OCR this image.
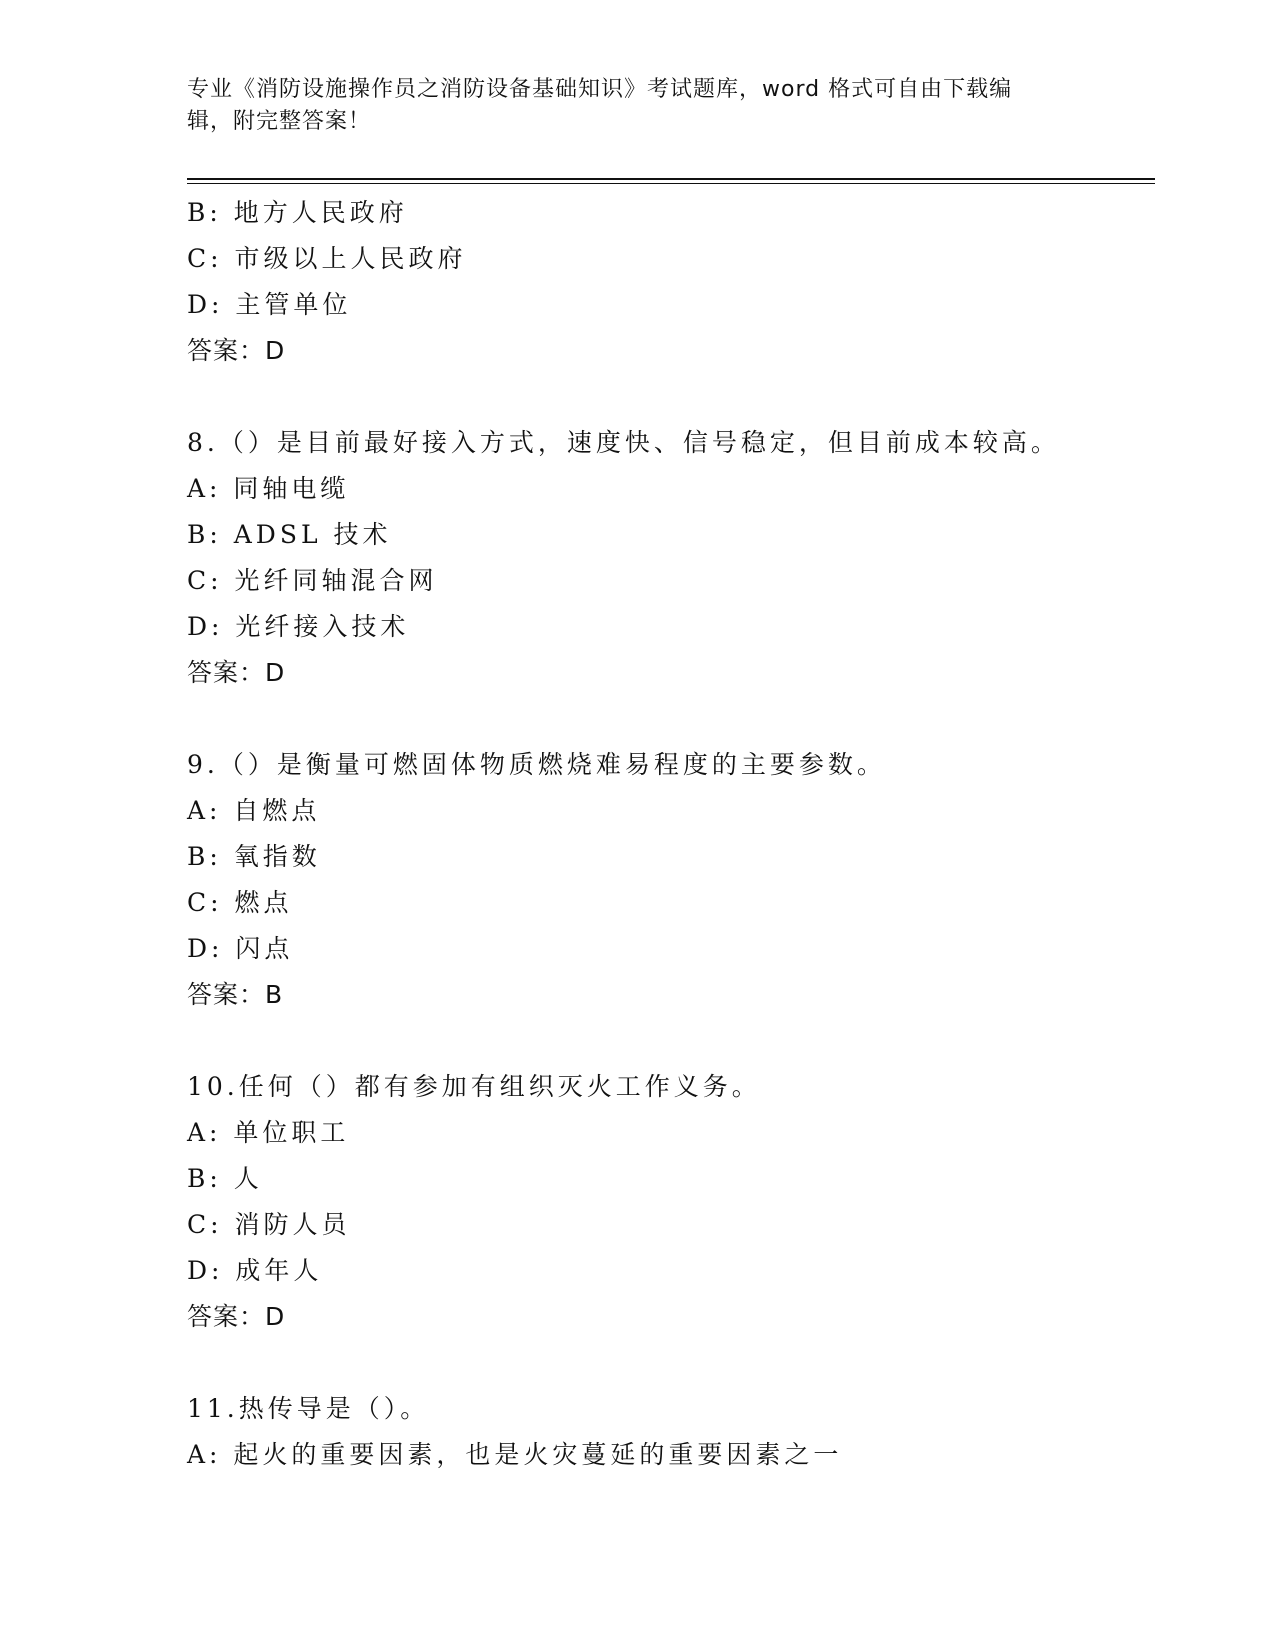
专业《消防设施操作员之消防设备基础知识》考试题库，word 格式可自由下载编
辑，附完整答案！
B: 地方人民政府
C: 市级以上人民政府
D: 主管单位
答案：D
8.（）是目前最好接入方式，速度快、信号稳定，但目前成本较高。
A: 同轴电缆
B: ADSL 技术
C: 光纤同轴混合网
D: 光纤接入技术
答案：D
9.（）是衡量可燃固体物质燃烧难易程度的主要参数。
A: 自燃点
B: 氧指数
C: 燃点
D: 闪点
答案：B
10.任何（）都有参加有组织灭火工作义务。
A: 单位职工
B: 人
C: 消防人员
D: 成年人
答案：D
11.热传导是（）。
A: 起火的重要因素，也是火灾蔓延的重要因素之一
